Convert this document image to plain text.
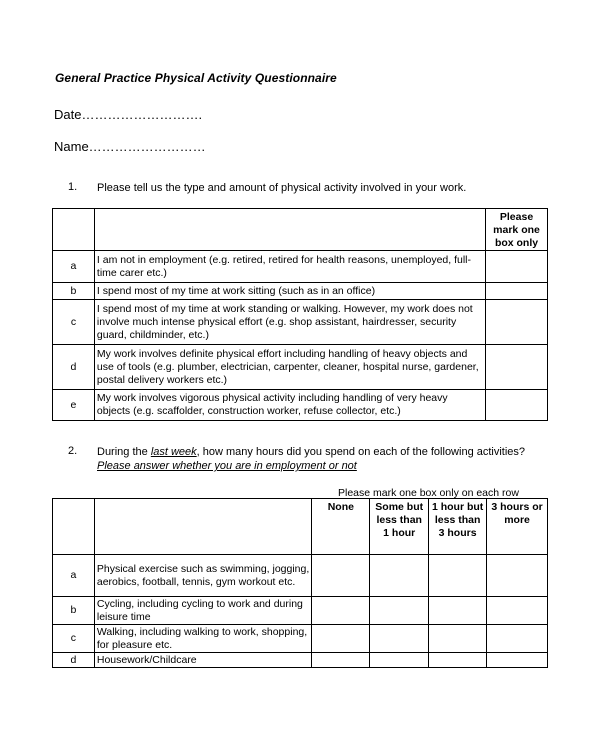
General Practice Physical Activity Questionnaire
Date……………………….
Name………………………
1. Please tell us the type and amount of physical activity involved in your work.
		Please mark one box only
a	I am not in employment (e.g. retired, retired for health reasons, unemployed, full-time carer etc.)	
b	I spend most of my time at work sitting (such as in an office)	
c	I spend most of my time at work standing or walking. However, my work does not involve much intense physical effort (e.g. shop assistant, hairdresser, security guard, childminder, etc.)	
d	My work involves definite physical effort including handling of heavy objects and use of tools (e.g. plumber, electrician, carpenter, cleaner, hospital nurse, gardener, postal delivery workers etc.)	
e	My work involves vigorous physical activity including handling of very heavy objects (e.g. scaffolder, construction worker, refuse collector, etc.)	
2. During the last week, how many hours did you spend on each of the following activities?
Please answer whether you are in employment or not
Please mark one box only on each row
		None	Some but less than 1 hour	1 hour but less than 3 hours	3 hours or more
a	Physical exercise such as swimming, jogging, aerobics, football, tennis, gym workout etc.				
b	Cycling, including cycling to work and during leisure time				
c	Walking, including walking to work, shopping, for pleasure etc.				
d	Housework/Childcare				
